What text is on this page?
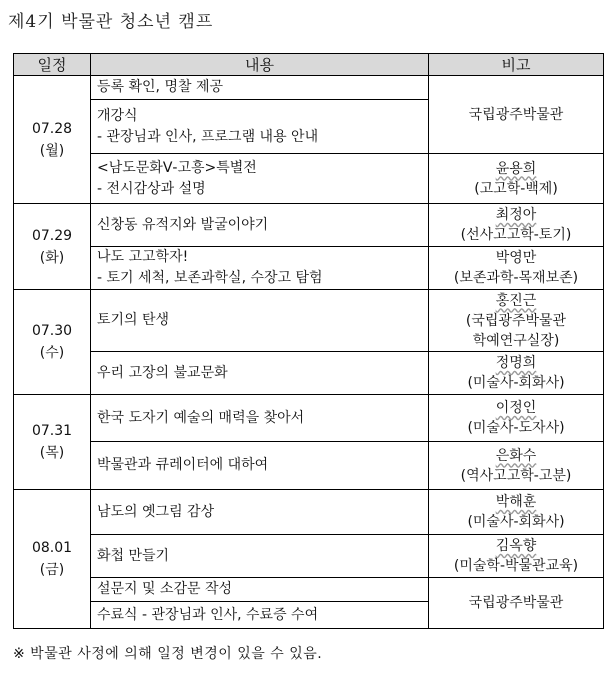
제4기 박물관 청소년 캠프
일정	내용	비고

07.28
(월)	등록 확인, 명찰 제공	국립광주박물관

	개강식
- 관장님과 인사, 프로그램 내용 안내	

	<남도문화Ⅴ-고흥>특별전
- 전시감상과 설명	윤용희
(고고학-백제)

07.29
(화)	신창동 유적지와 발굴이야기	최정아
(선사고고학-토기)

	나도 고고학자!
- 토기 세척, 보존과학실, 수장고 탐험	박영만
(보존과학-목재보존)

07.30
(수)	토기의 탄생	홍진근
(국립광주박물관
학예연구실장)

	우리 고장의 불교문화	정명희
(미술사-회화사)

07.31
(목)	한국 도자기 예술의 매력을 찾아서	이정인
(미술사-도자사)

	박물관과 큐레이터에 대하여	은화수
(역사고고학-고분)

08.01
(금)	남도의 옛그림 감상	박해훈
(미술사-회화사)

	화첩 만들기	김옥향
(미술학-박물관교육)

	설문지 및 소감문 작성	국립광주박물관

	수료식 - 관장님과 인사, 수료증 수여	
※ 박물관 사정에 의해 일정 변경이 있을 수 있음.
